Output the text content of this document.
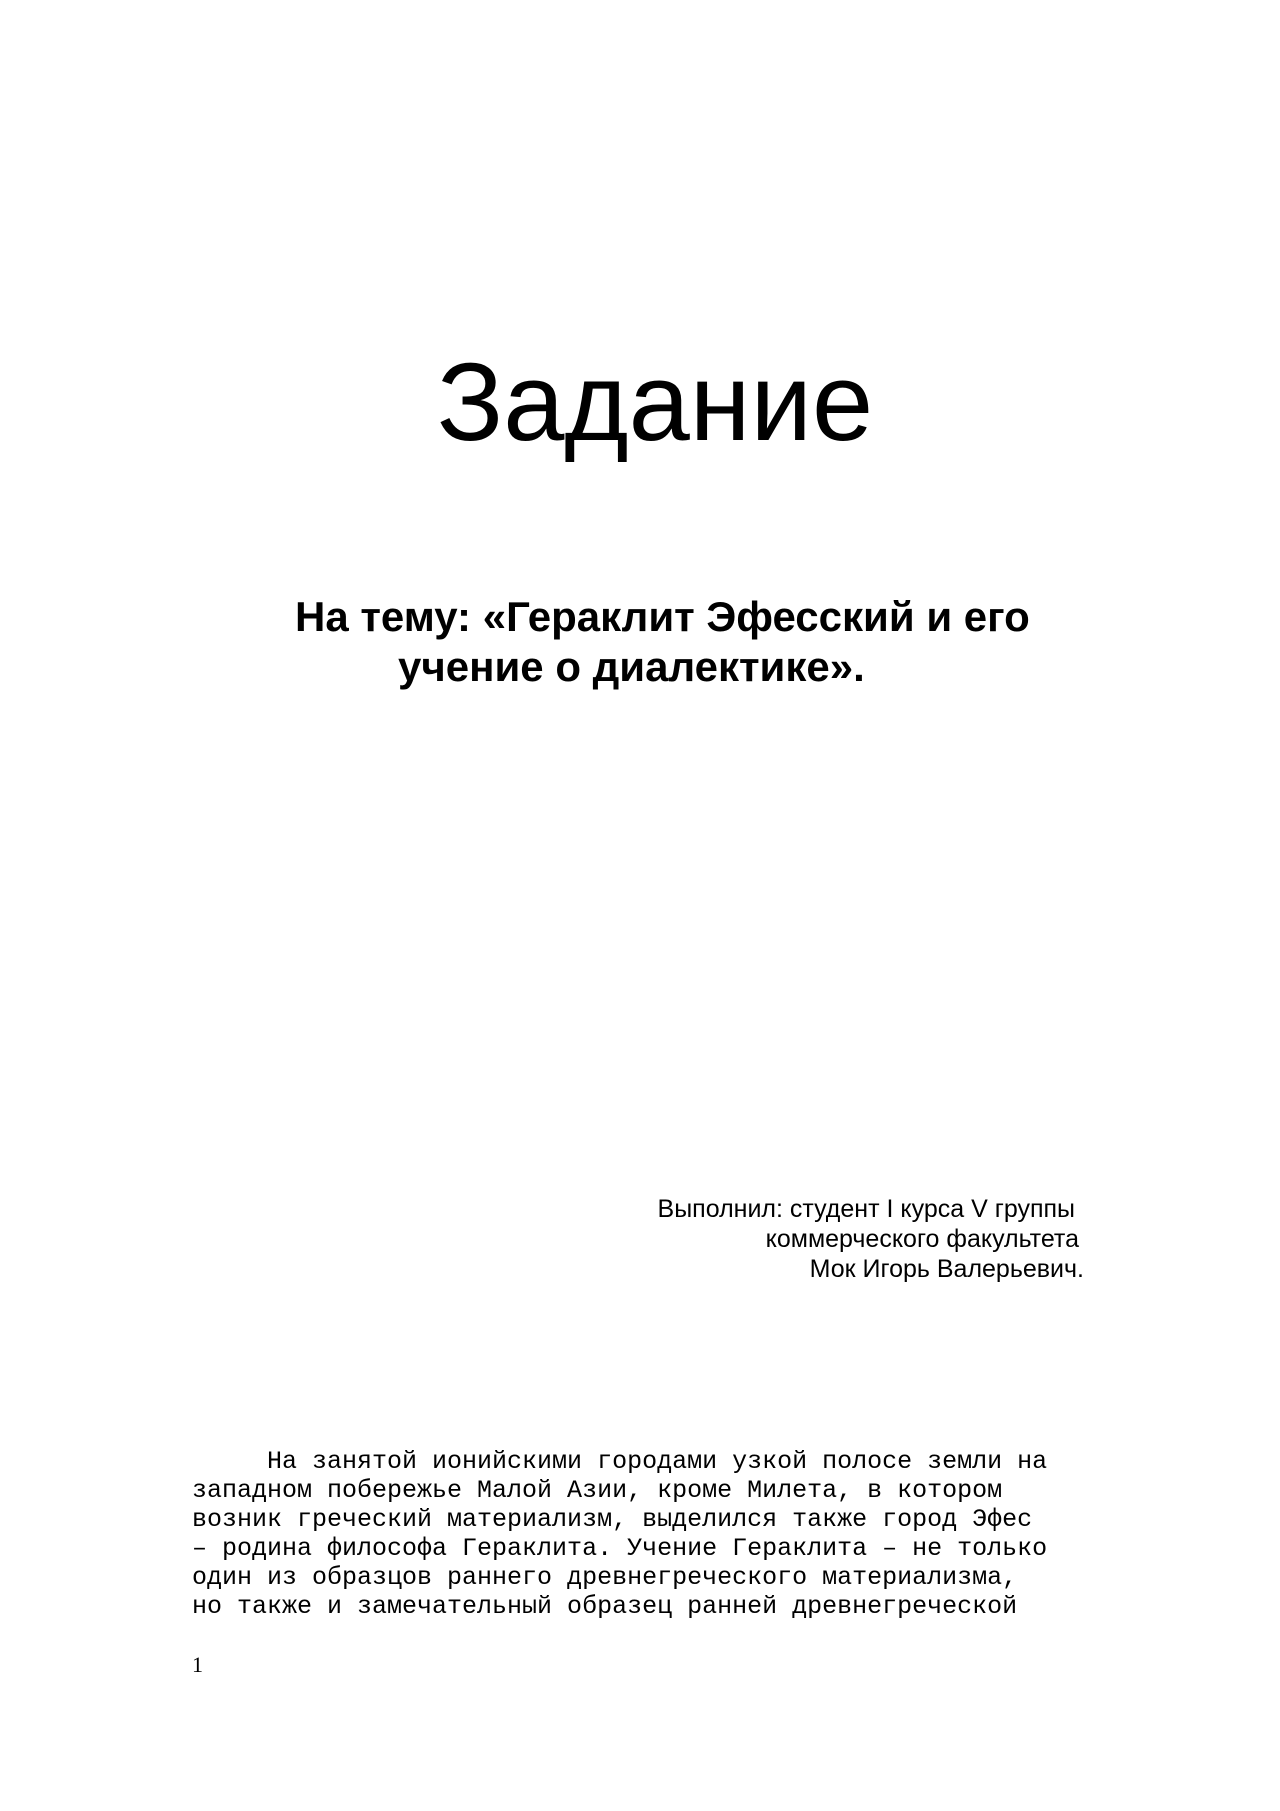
Задание
На тему: «Гераклит Эфесский и его
учение о диалектике».
Выполнил: студент I курса V группы
коммерческого факультета
Мок Игорь Валерьевич.
На занятой ионийскими городами узкой полосе земли на
западном побережье Малой Азии, кроме Милета, в котором
возник греческий материализм, выделился также город Эфес
– родина философа Гераклита. Учение Гераклита – не только
один из образцов раннего древнегреческого материализма,
но также и замечательный образец ранней древнегреческой
1
